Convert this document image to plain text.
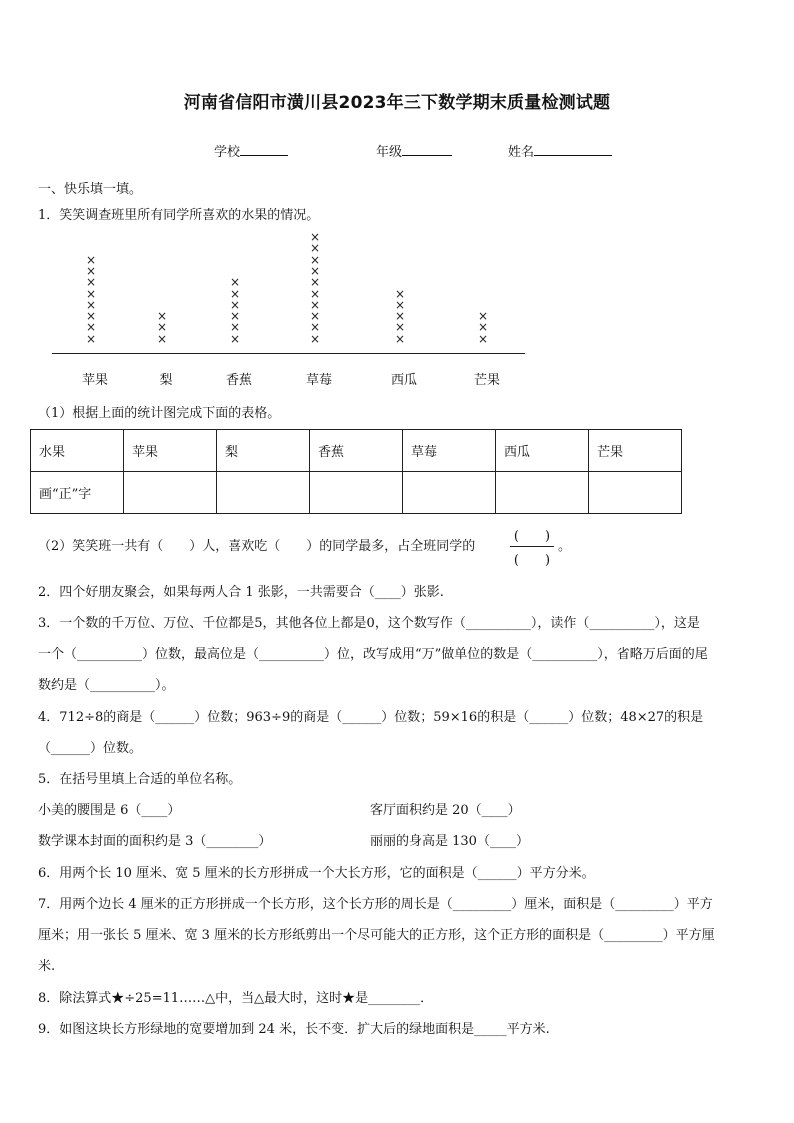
河南省信阳市潢川县2023年三下数学期末质量检测试题
学校	年级	姓名
一、快乐填一填。
1．笑笑调查班里所有同学所喜欢的水果的情况。
×
×
×
×
×
×
×
×
苹果
×
×
×
梨
×
×
×
×
×
×
香蕉
×
×
×
×
×
×
×
×
×
×
草莓
×
×
×
×
×
西瓜
×
×
×
芒果
（1）根据上面的统计图完成下面的表格。
水果	苹果	梨	香蕉	草莓	西瓜	芒果
画“正”字						
（2）笑笑班一共有（　　）人，喜欢吃（　　）的同学最多，占全班同学的
(　　)
(　　)
。
2．四个好朋友聚会，如果每两人合 1 张影，一共需要合（____）张影.
3．一个数的千万位、万位、千位都是5，其他各位上都是0，这个数写作（__________），读作（__________），这是
一个（__________）位数，最高位是（__________）位，改写成用“万”做单位的数是（__________），省略万后面的尾
数约是（__________）。
4．712÷8的商是（______）位数；963÷9的商是（______）位数；59×16的积是（______）位数；48×27的积是
（______）位数。
5．在括号里填上合适的单位名称。
小美的腰围是 6（____）	客厅面积约是 20（____）
数学课本封面的面积约是 3（________）	丽丽的身高是 130（____）
6．用两个长 10 厘米、宽 5 厘米的长方形拼成一个大长方形，它的面积是（______）平方分米。
7．用两个边长 4 厘米的正方形拼成一个长方形，这个长方形的周长是（_________）厘米，面积是（_________）平方
厘米；用一张长 5 厘米、宽 3 厘米的长方形纸剪出一个尽可能大的正方形，这个正方形的面积是（_________）平方厘
米.
8．除法算式★÷25=11……△中，当△最大时，这时★是________．
9．如图这块长方形绿地的宽要增加到 24 米，长不变．扩大后的绿地面积是_____平方米.
